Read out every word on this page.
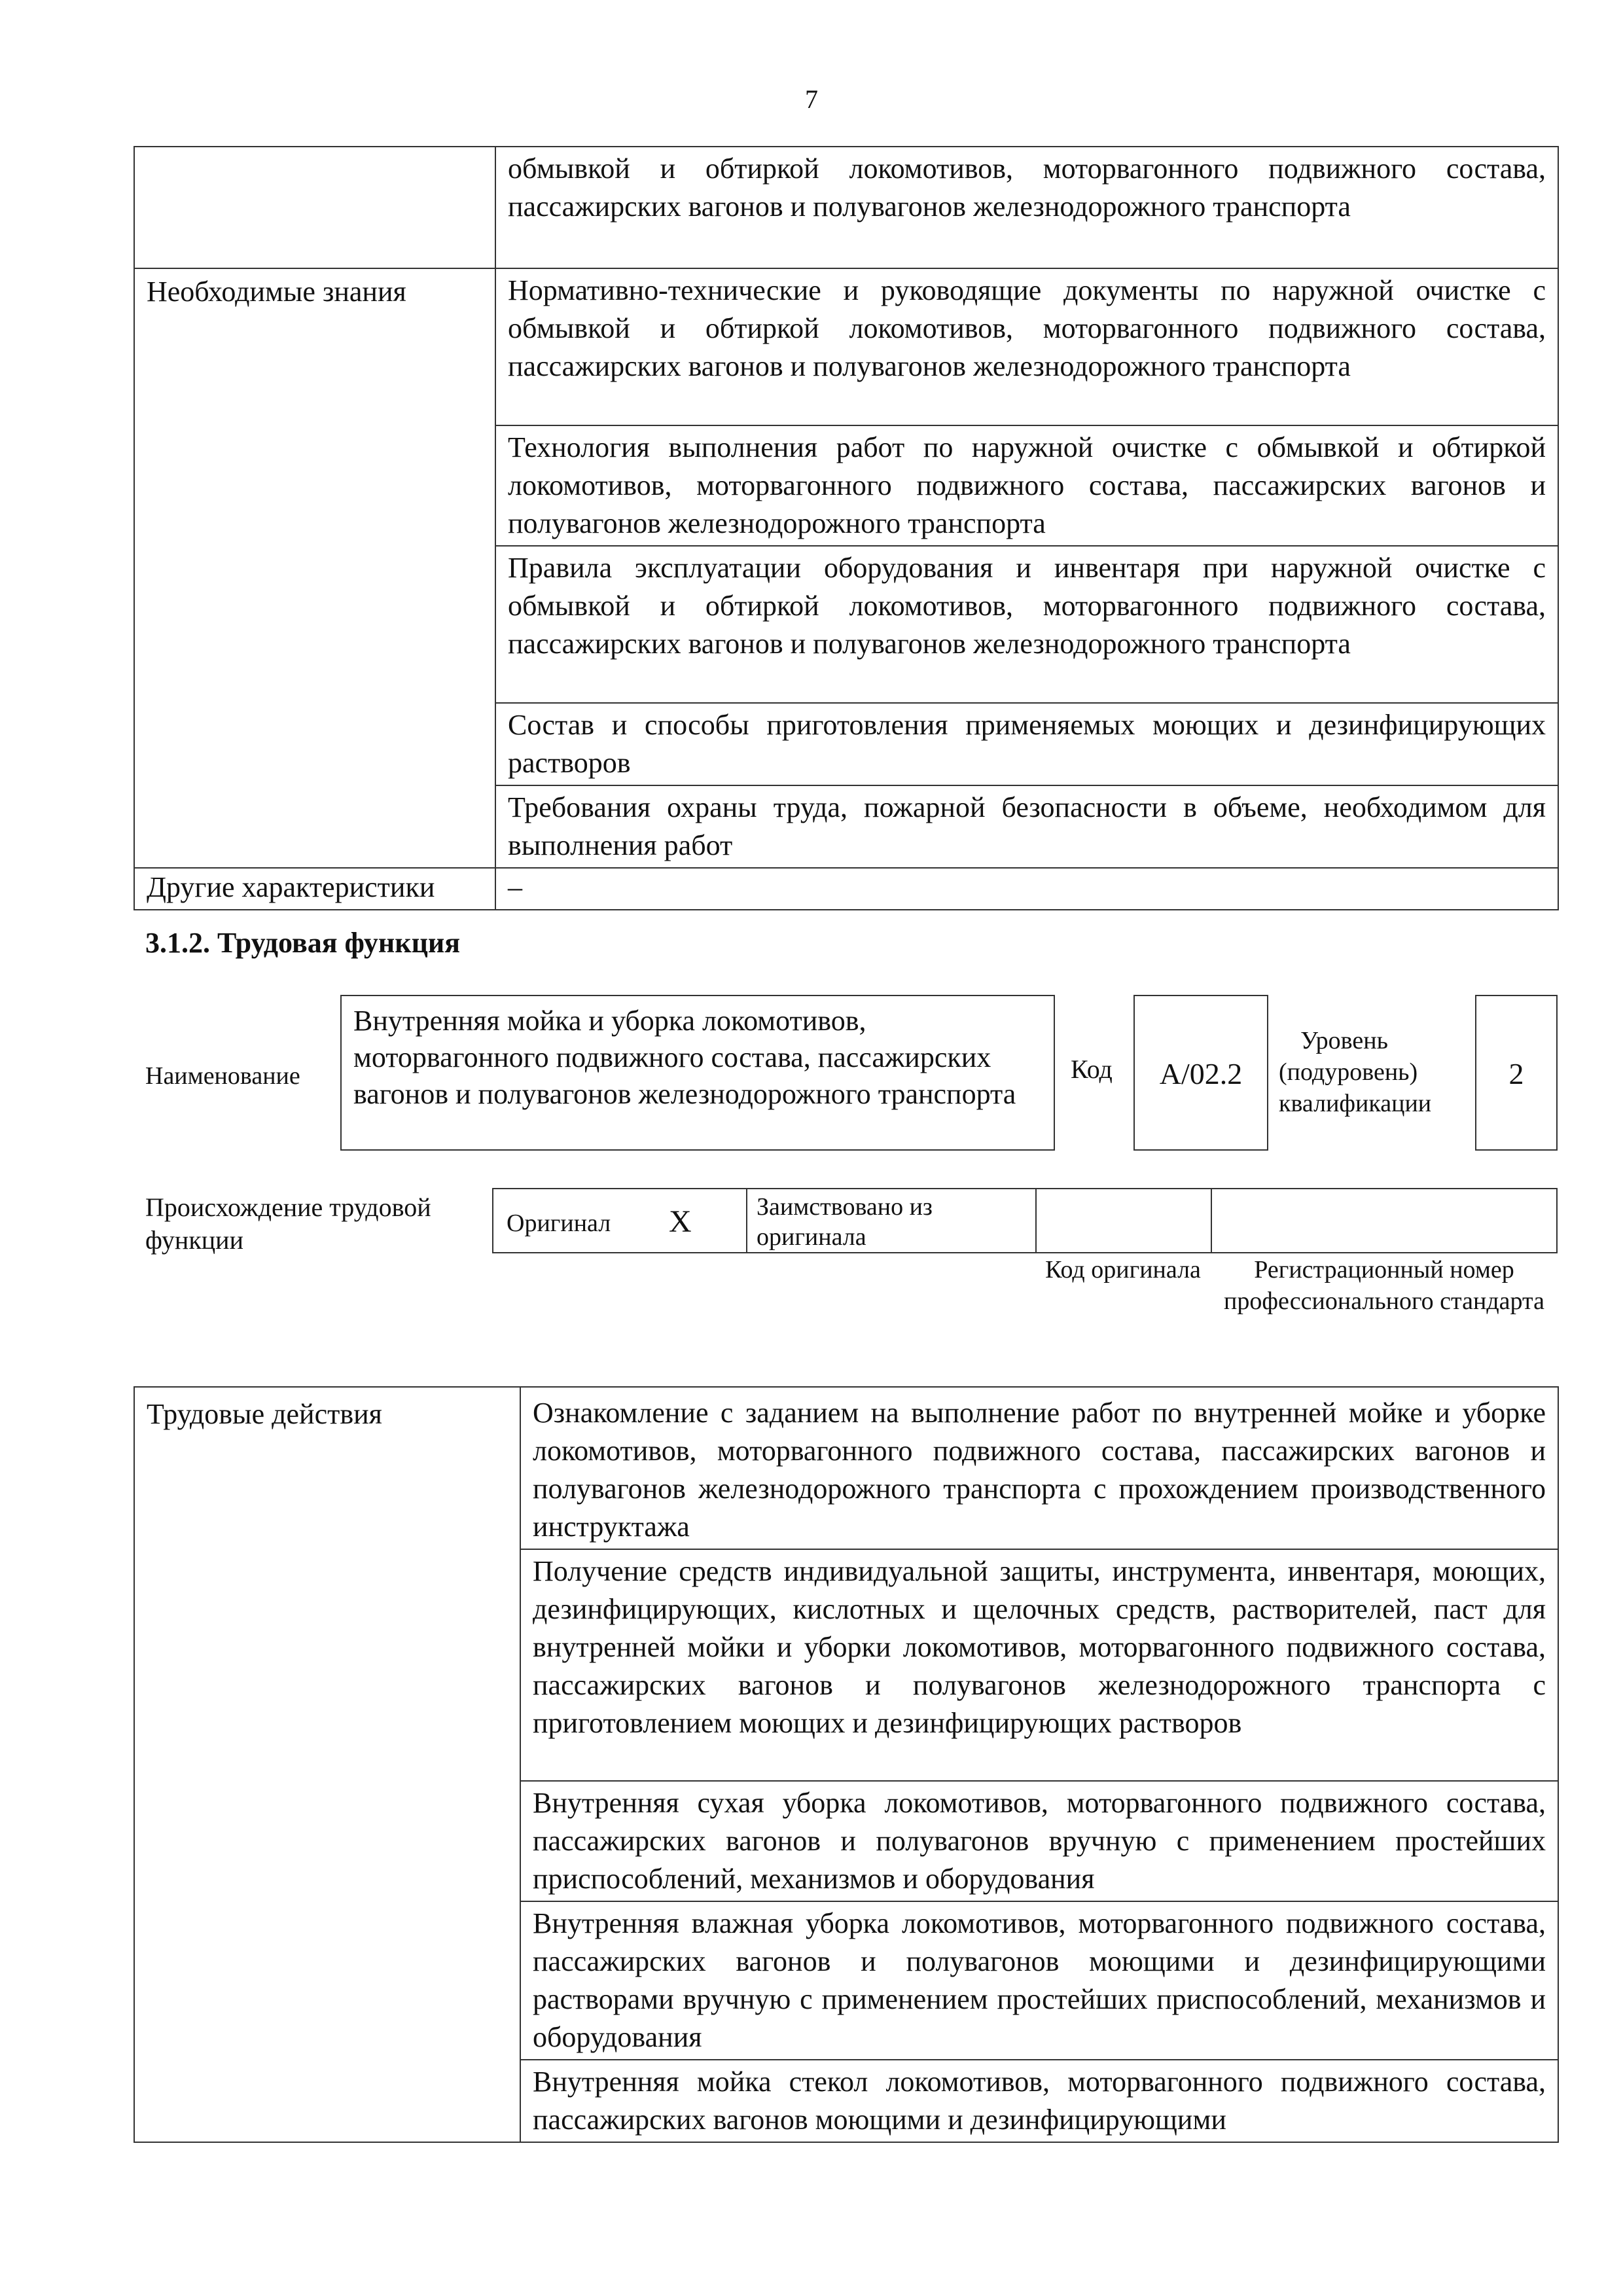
7
	обмывкой и обтиркой локомотивов, моторвагонного подвижного состава, пассажирских вагонов и полувагонов железнодорожного транспорта
Необходимые знания	Нормативно-технические и руководящие документы по наружной очистке с обмывкой и обтиркой локомотивов, моторвагонного подвижного состава, пассажирских вагонов и полувагонов железнодорожного транспорта
	Технология выполнения работ по наружной очистке с обмывкой и обтиркой локомотивов, моторвагонного подвижного состава, пассажирских вагонов и полувагонов железнодорожного транспорта
	Правила эксплуатации оборудования и инвентаря при наружной очистке с обмывкой и обтиркой локомотивов, моторвагонного подвижного состава, пассажирских вагонов и полувагонов железнодорожного транспорта
	Состав и способы приготовления применяемых моющих и дезинфицирующих растворов
	Требования охраны труда, пожарной безопасности в объеме, необходимом для выполнения работ
Другие характеристики	–
3.1.2. Трудовая функция
Наименование
Внутренняя мойка и уборка локомотивов, моторвагонного подвижного состава, пассажирских вагонов и полувагонов железнодорожного транспорта
Код	А/02.2
Уровень (подуровень) квалификации
2
Происхождение трудовой функции
Оригинал X	Заимствовано из оригинала
Код оригинала	Регистрационный номер профессионального стандарта
Трудовые действия	Ознакомление с заданием на выполнение работ по внутренней мойке и уборке локомотивов, моторвагонного подвижного состава, пассажирских вагонов и полувагонов железнодорожного транспорта с прохождением производственного инструктажа
Получение средств индивидуальной защиты, инструмента, инвентаря, моющих, дезинфицирующих, кислотных и щелочных средств, растворителей, паст для внутренней мойки и уборки локомотивов, моторвагонного подвижного состава, пассажирских вагонов и полувагонов железнодорожного транспорта с приготовлением моющих и дезинфицирующих растворов
Внутренняя сухая уборка локомотивов, моторвагонного подвижного состава, пассажирских вагонов и полувагонов вручную с применением простейших приспособлений, механизмов и оборудования
Внутренняя влажная уборка локомотивов, моторвагонного подвижного состава, пассажирских вагонов и полувагонов моющими и дезинфицирующими растворами вручную с применением простейших приспособлений, механизмов и оборудования
Внутренняя мойка стекол локомотивов, моторвагонного подвижного состава, пассажирских вагонов моющими и дезинфицирующими
